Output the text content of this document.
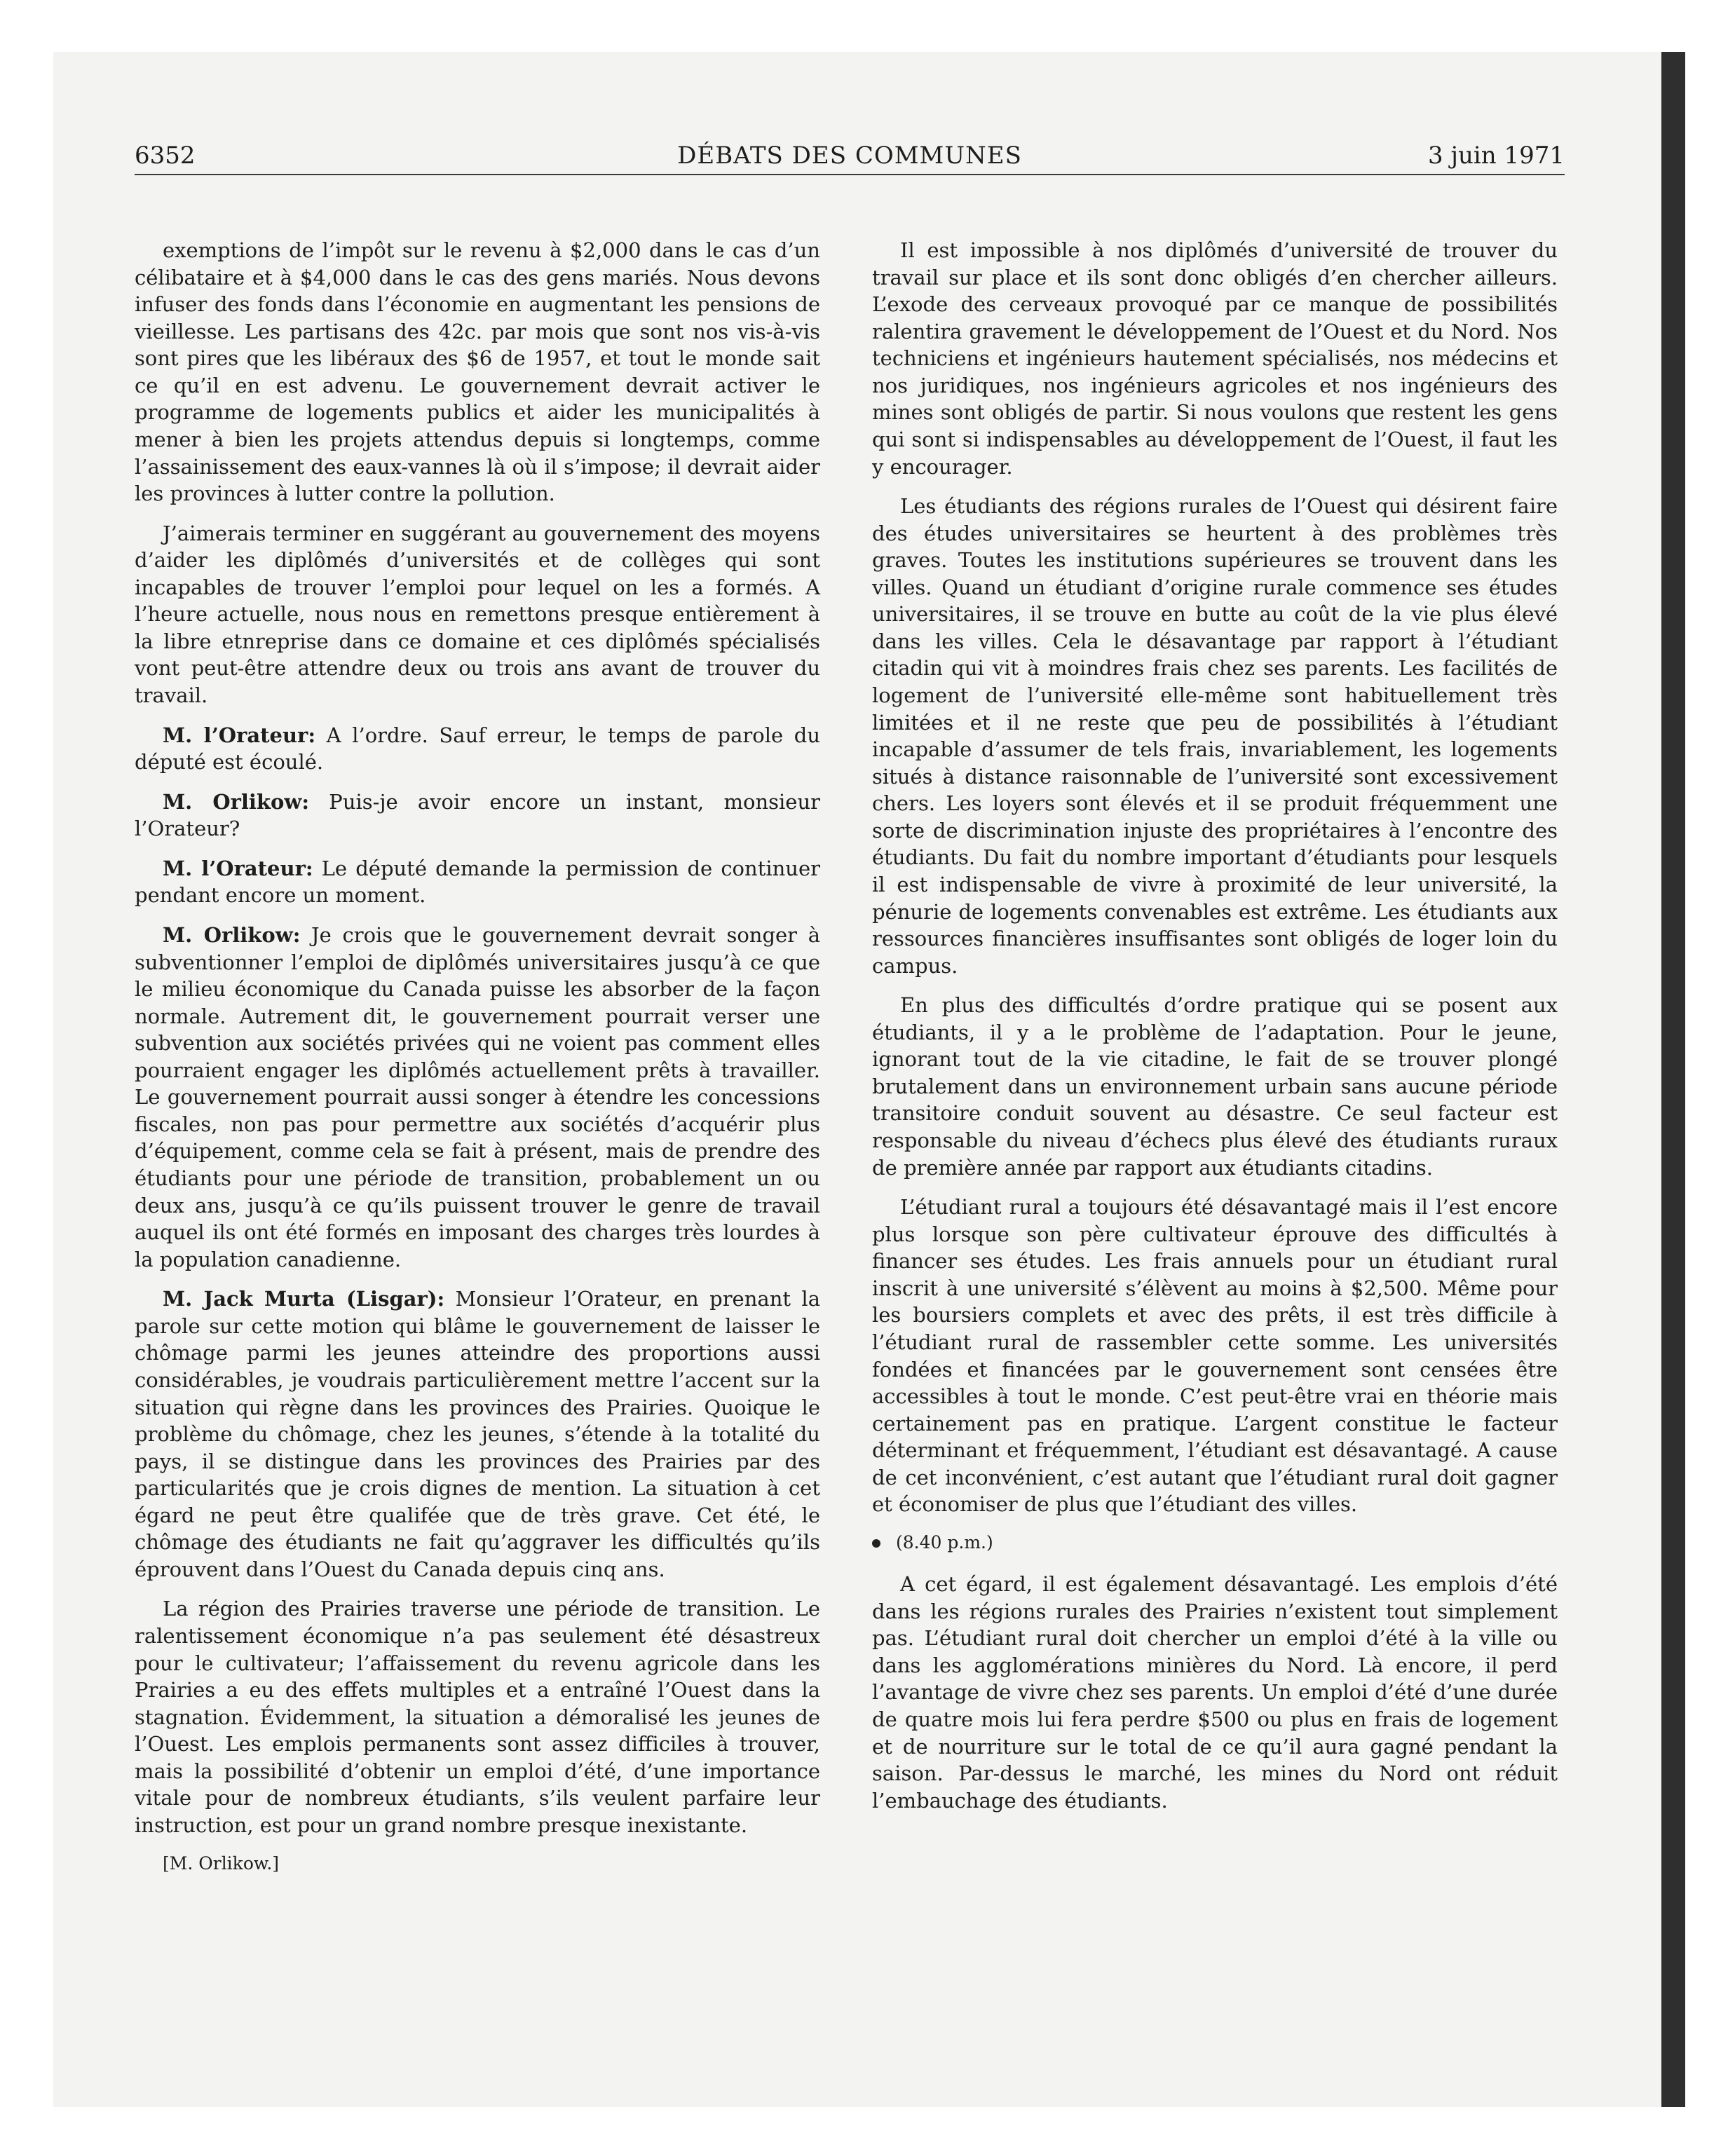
6352	DÉBATS DES COMMUNES	3 juin 1971

exemptions de l’impôt sur le revenu à $2,000 dans le cas d’un célibataire et à $4,000 dans le cas des gens mariés. Nous devons infuser des fonds dans l’économie en augmentant les pensions de vieillesse. Les partisans des 42c. par mois que sont nos vis-à-vis sont pires que les libéraux des $6 de 1957, et tout le monde sait ce qu’il en est advenu. Le gouvernement devrait activer le programme de logements publics et aider les municipalités à mener à bien les projets attendus depuis si longtemps, comme l’assainissement des eaux-vannes là où il s’impose; il devrait aider les provinces à lutter contre la pollution.

J’aimerais terminer en suggérant au gouvernement des moyens d’aider les diplômés d’universités et de collèges qui sont incapables de trouver l’emploi pour lequel on les a formés. A l’heure actuelle, nous nous en remettons presque entièrement à la libre etnreprise dans ce domaine et ces diplômés spécialisés vont peut-être attendre deux ou trois ans avant de trouver du travail.

M. l’Orateur: A l’ordre. Sauf erreur, le temps de parole du député est écoulé.

M. Orlikow: Puis-je avoir encore un instant, monsieur l’Orateur?

M. l’Orateur: Le député demande la permission de continuer pendant encore un moment.

M. Orlikow: Je crois que le gouvernement devrait songer à subventionner l’emploi de diplômés universitaires jusqu’à ce que le milieu économique du Canada puisse les absorber de la façon normale. Autrement dit, le gouvernement pourrait verser une subvention aux sociétés privées qui ne voient pas comment elles pourraient engager les diplômés actuellement prêts à travailler. Le gouvernement pourrait aussi songer à étendre les concessions fiscales, non pas pour permettre aux sociétés d’acquérir plus d’équipement, comme cela se fait à présent, mais de prendre des étudiants pour une période de transition, probablement un ou deux ans, jusqu’à ce qu’ils puissent trouver le genre de travail auquel ils ont été formés en imposant des charges très lourdes à la population canadienne.

M. Jack Murta (Lisgar): Monsieur l’Orateur, en prenant la parole sur cette motion qui blâme le gouvernement de laisser le chômage parmi les jeunes atteindre des proportions aussi considérables, je voudrais particulièrement mettre l’accent sur la situation qui règne dans les provinces des Prairies. Quoique le problème du chômage, chez les jeunes, s’étende à la totalité du pays, il se distingue dans les provinces des Prairies par des particularités que je crois dignes de mention. La situation à cet égard ne peut être qualifée que de très grave. Cet été, le chômage des étudiants ne fait qu’aggraver les difficultés qu’ils éprouvent dans l’Ouest du Canada depuis cinq ans.

La région des Prairies traverse une période de transition. Le ralentissement économique n’a pas seulement été désastreux pour le cultivateur; l’affaissement du revenu agricole dans les Prairies a eu des effets multiples et a entraîné l’Ouest dans la stagnation. Évidemment, la situation a démoralisé les jeunes de l’Ouest. Les emplois permanents sont assez difficiles à trouver, mais la possibilité d’obtenir un emploi d’été, d’une importance vitale pour de nombreux étudiants, s’ils veulent parfaire leur instruction, est pour un grand nombre presque inexistante.

[M. Orlikow.]

Il est impossible à nos diplômés d’université de trouver du travail sur place et ils sont donc obligés d’en chercher ailleurs. L’exode des cerveaux provoqué par ce manque de possibilités ralentira gravement le développement de l’Ouest et du Nord. Nos techniciens et ingénieurs hautement spécialisés, nos médecins et nos juridiques, nos ingénieurs agricoles et nos ingénieurs des mines sont obligés de partir. Si nous voulons que restent les gens qui sont si indispensables au développement de l’Ouest, il faut les y encourager.

Les étudiants des régions rurales de l’Ouest qui désirent faire des études universitaires se heurtent à des problèmes très graves. Toutes les institutions supérieures se trouvent dans les villes. Quand un étudiant d’origine rurale commence ses études universitaires, il se trouve en butte au coût de la vie plus élevé dans les villes. Cela le désavantage par rapport à l’étudiant citadin qui vit à moindres frais chez ses parents. Les facilités de logement de l’université elle-même sont habituellement très limitées et il ne reste que peu de possibilités à l’étudiant incapable d’assumer de tels frais, invariablement, les logements situés à distance raisonnable de l’université sont excessivement chers. Les loyers sont élevés et il se produit fréquemment une sorte de discrimination injuste des propriétaires à l’encontre des étudiants. Du fait du nombre important d’étudiants pour lesquels il est indispensable de vivre à proximité de leur université, la pénurie de logements convenables est extrême. Les étudiants aux ressources financières insuffisantes sont obligés de loger loin du campus.

En plus des difficultés d’ordre pratique qui se posent aux étudiants, il y a le problème de l’adaptation. Pour le jeune, ignorant tout de la vie citadine, le fait de se trouver plongé brutalement dans un environnement urbain sans aucune période transitoire conduit souvent au désastre. Ce seul facteur est responsable du niveau d’échecs plus élevé des étudiants ruraux de première année par rapport aux étudiants citadins.

L’étudiant rural a toujours été désavantagé mais il l’est encore plus lorsque son père cultivateur éprouve des difficultés à financer ses études. Les frais annuels pour un étudiant rural inscrit à une université s’élèvent au moins à $2,500. Même pour les boursiers complets et avec des prêts, il est très difficile à l’étudiant rural de rassembler cette somme. Les universités fondées et financées par le gouvernement sont censées être accessibles à tout le monde. C’est peut-être vrai en théorie mais certainement pas en pratique. L’argent constitue le facteur déterminant et fréquemment, l’étudiant est désavantagé. A cause de cet inconvénient, c’est autant que l’étudiant rural doit gagner et économiser de plus que l’étudiant des villes.

(8.40 p.m.)

A cet égard, il est également désavantagé. Les emplois d’été dans les régions rurales des Prairies n’existent tout simplement pas. L’étudiant rural doit chercher un emploi d’été à la ville ou dans les agglomérations minières du Nord. Là encore, il perd l’avantage de vivre chez ses parents. Un emploi d’été d’une durée de quatre mois lui fera perdre $500 ou plus en frais de logement et de nourriture sur le total de ce qu’il aura gagné pendant la saison. Par-dessus le marché, les mines du Nord ont réduit l’embauchage des étudiants.
